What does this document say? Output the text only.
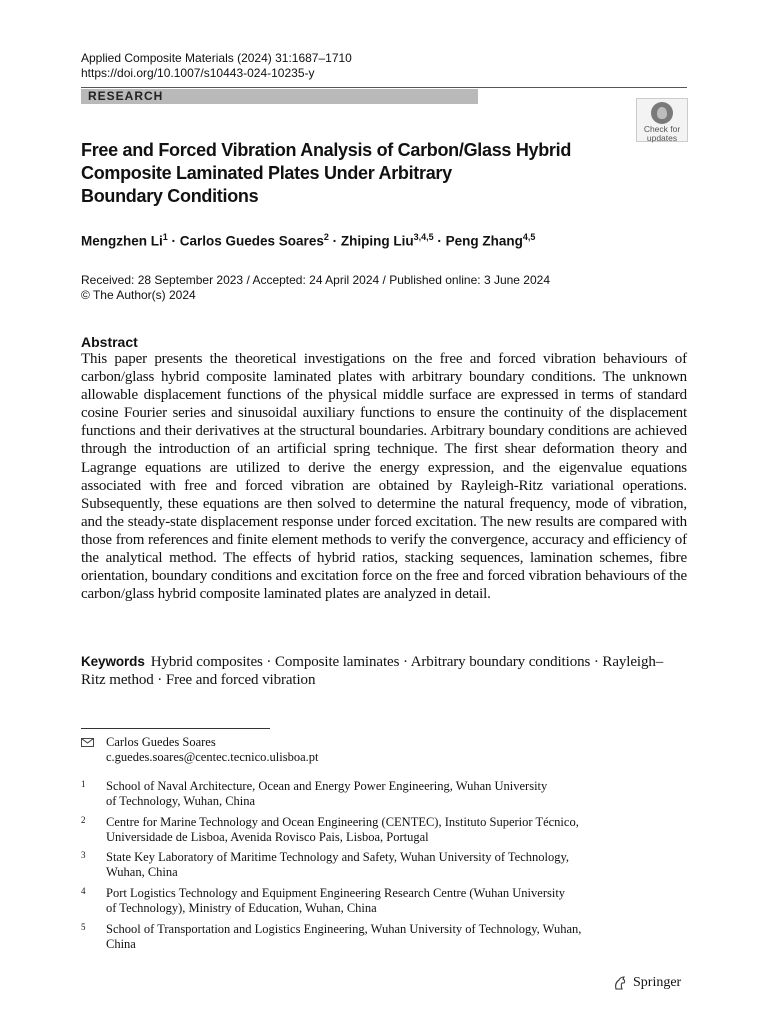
Applied Composite Materials (2024) 31:1687–1710
https://doi.org/10.1007/s10443-024-10235-y
RESEARCH
Check for
updates
Free and Forced Vibration Analysis of Carbon/Glass Hybrid
Composite Laminated Plates Under Arbitrary
Boundary Conditions
Mengzhen $Li^1$ · Carlos Guedes Soares$^2$ · Zhiping Liu$^{3,4,5}$ · Peng Zhang$^{4,5}$
Received: 28 September 2023 / Accepted: 24 April 2024 / Published online: 3 June 2024
© The Author(s) 2024
Abstract

This paper presents the theoretical investigations on the free and forced vibration behaviours of carbon/glass hybrid composite laminated plates with arbitrary boundary conditions. The unknown allowable displacement functions of the physical middle surface are expressed in terms of standard cosine Fourier series and sinusoidal auxiliary functions to ensure the continuity of the displacement functions and their derivatives at the structural boundaries. Arbitrary boundary conditions are achieved through the introduction of an artificial spring technique. The first shear deformation theory and Lagrange equations are utilized to derive the energy expression, and the eigenvalue equations associated with free and forced vibration are obtained by Rayleigh-Ritz variational operations. Subsequently, these equations are then solved to determine the natural frequency, mode of vibration, and the steady-state displacement response under forced excitation. The new results are compared with those from references and finite element methods to verify the convergence, accuracy and efficiency of the analytical method. The effects of hybrid ratios, stacking sequences, lamination schemes, fibre orientation, boundary conditions and excitation force on the free and forced vibration behaviours of the carbon/glass hybrid composite laminated plates are analyzed in detail.

Keywords Hybrid composites · Composite laminates · Arbitrary boundary conditions · Rayleigh–Ritz method · Free and forced vibration
Carlos Guedes Soares
c.guedes.soares@centec.tecnico.ulisboa.pt
1 School of Naval Architecture, Ocean and Energy Power Engineering, Wuhan University
of Technology, Wuhan, China
2 Centre for Marine Technology and Ocean Engineering (CENTEC), Instituto Superior Técnico,
Universidade de Lisboa, Avenida Rovisco Pais, Lisboa, Portugal
3 State Key Laboratory of Maritime Technology and Safety, Wuhan University of Technology,
Wuhan, China
4 Port Logistics Technology and Equipment Engineering Research Centre (Wuhan University
of Technology), Ministry of Education, Wuhan, China
5 School of Transportation and Logistics Engineering, Wuhan University of Technology, Wuhan,
China
Springer
